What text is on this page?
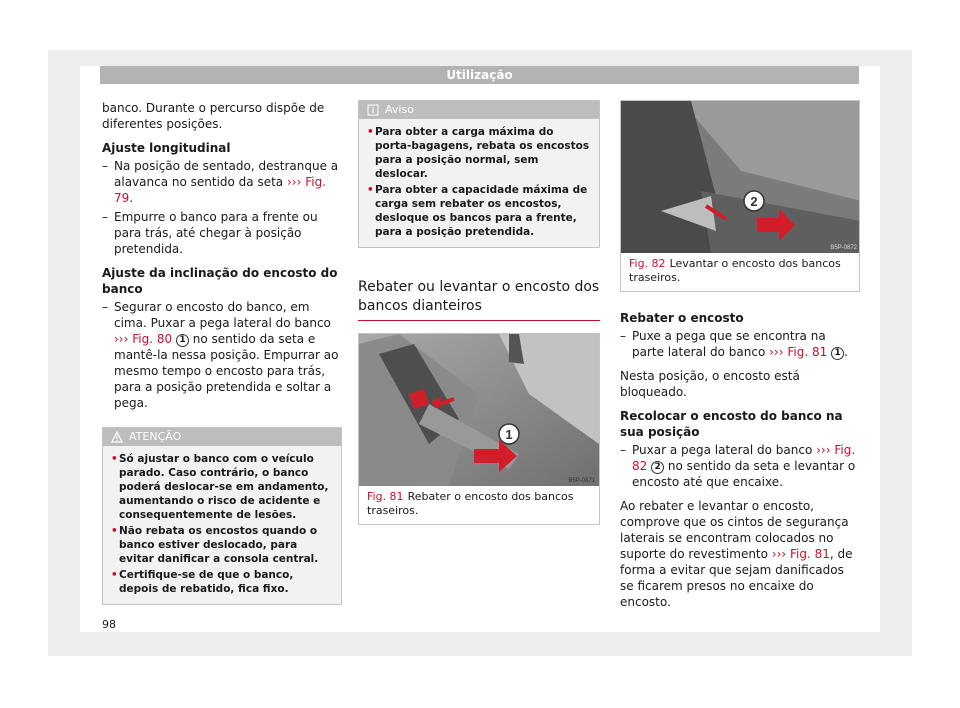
Utilização

banco. Durante o percurso dispõe de diferentes posições.

Ajuste longitudinal
– Na posição de sentado, destranque a alavanca no sentido da seta ››› Fig. 79.
– Empurre o banco para a frente ou para trás, até chegar à posição pretendida.
Ajuste da inclinação do encosto do banco
– Segurar o encosto do banco, em cima. Puxar a pega lateral do banco ››› Fig. 80 1 no sentido da seta e mantê-la nessa posição. Empurrar ao mesmo tempo o encosto para trás, para a posição pretendida e soltar a pega.
ATENÇÃO
• Só ajustar o banco com o veículo parado. Caso contrário, o banco poderá deslocar-se em andamento, aumentando o risco de acidente e consequentemente de lesões.
• Não rebata os encostos quando o banco estiver deslocado, para evitar danificar a consola central.
• Certifique-se de que o banco, depois de rebatido, fica fixo.
Aviso
• Para obter a carga máxima do porta-bagagens, rebata os encostos para a posição normal, sem deslocar.
• Para obter a capacidade máxima de carga sem rebater os encostos, desloque os bancos para a frente, para a posição pretendida.
Rebater ou levantar o encosto dos bancos dianteiros
1
B5P-0871
Fig. 81 Rebater o encosto dos bancos traseiros.
2
B5P-0872
Fig. 82 Levantar o encosto dos bancos traseiros.
Rebater o encosto
– Puxe a pega que se encontra na parte lateral do banco ››› Fig. 81 1 .

Nesta posição, o encosto está bloqueado.

Recolocar o encosto do banco na sua posição
– Puxar a pega lateral do banco ››› Fig. 82 2 no sentido da seta e levantar o encosto até que encaixe.

Ao rebater e levantar o encosto, comprove que os cintos de segurança laterais se encontram colocados no suporte do revestimento ››› Fig. 81, de forma a evitar que sejam danificados se ficarem presos no encaixe do encosto.

98
